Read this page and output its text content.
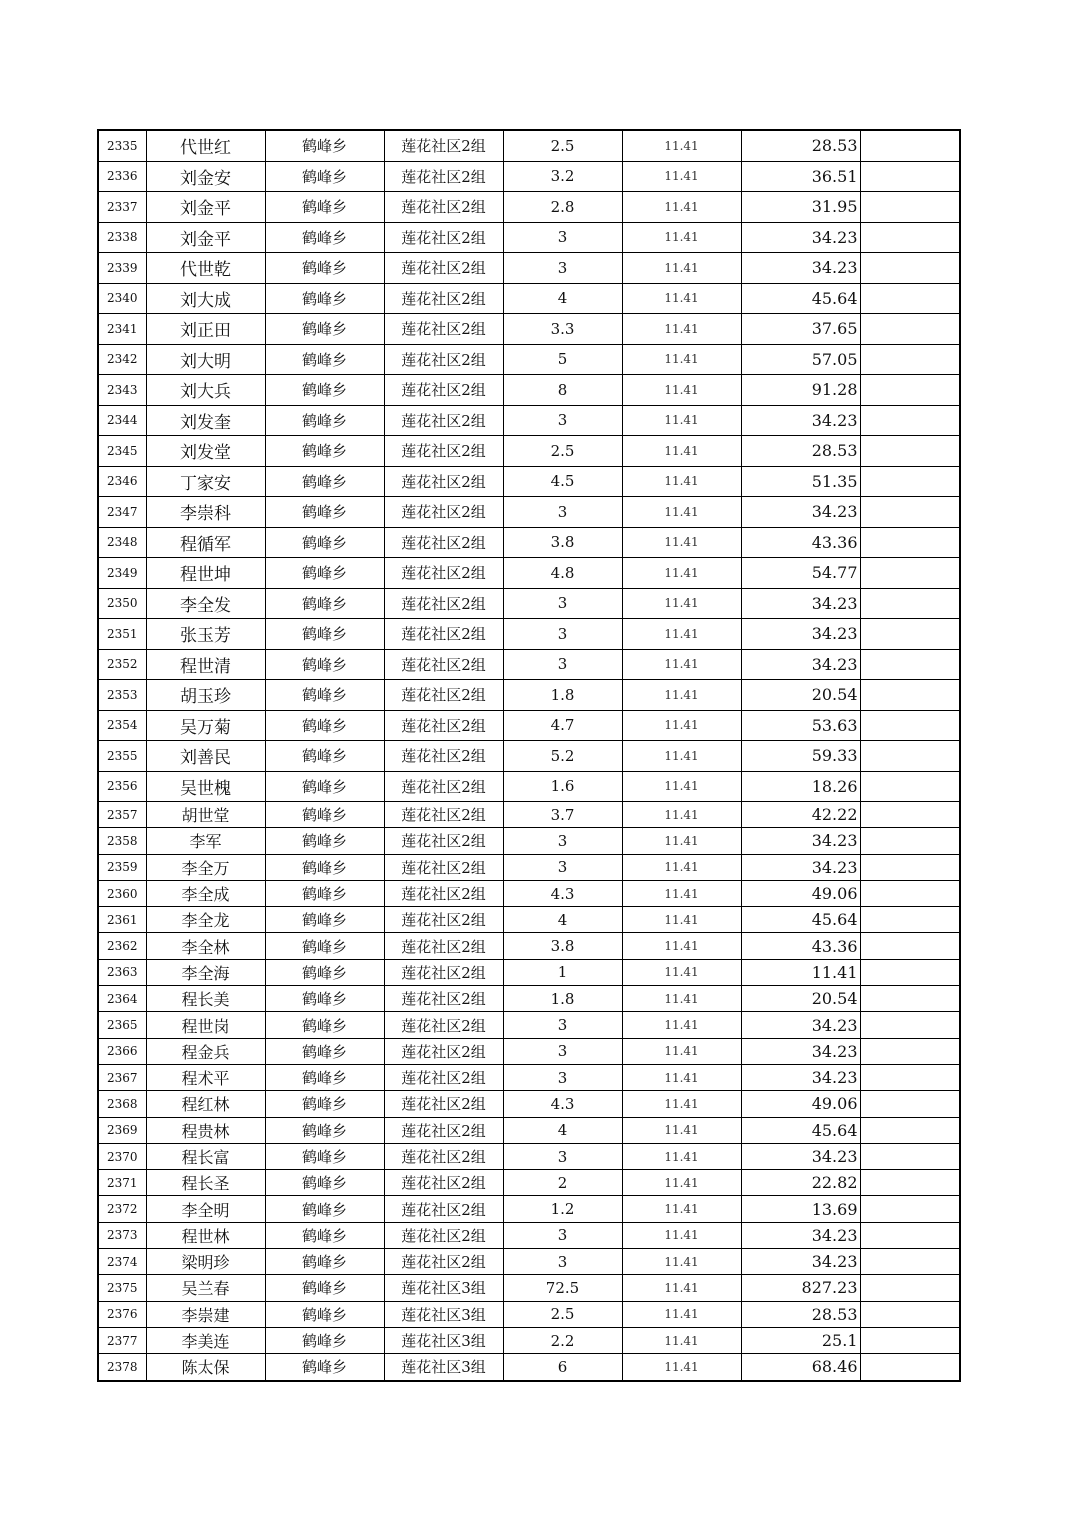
2335	代世红	鹤峰乡	莲花社区2组	2.5	11.41	28.53	
2336	刘金安	鹤峰乡	莲花社区2组	3.2	11.41	36.51	
2337	刘金平	鹤峰乡	莲花社区2组	2.8	11.41	31.95	
2338	刘金平	鹤峰乡	莲花社区2组	3	11.41	34.23	
2339	代世乾	鹤峰乡	莲花社区2组	3	11.41	34.23	
2340	刘大成	鹤峰乡	莲花社区2组	4	11.41	45.64	
2341	刘正田	鹤峰乡	莲花社区2组	3.3	11.41	37.65	
2342	刘大明	鹤峰乡	莲花社区2组	5	11.41	57.05	
2343	刘大兵	鹤峰乡	莲花社区2组	8	11.41	91.28	
2344	刘发奎	鹤峰乡	莲花社区2组	3	11.41	34.23	
2345	刘发堂	鹤峰乡	莲花社区2组	2.5	11.41	28.53	
2346	丁家安	鹤峰乡	莲花社区2组	4.5	11.41	51.35	
2347	李崇科	鹤峰乡	莲花社区2组	3	11.41	34.23	
2348	程循军	鹤峰乡	莲花社区2组	3.8	11.41	43.36	
2349	程世坤	鹤峰乡	莲花社区2组	4.8	11.41	54.77	
2350	李全发	鹤峰乡	莲花社区2组	3	11.41	34.23	
2351	张玉芳	鹤峰乡	莲花社区2组	3	11.41	34.23	
2352	程世清	鹤峰乡	莲花社区2组	3	11.41	34.23	
2353	胡玉珍	鹤峰乡	莲花社区2组	1.8	11.41	20.54	
2354	吴万菊	鹤峰乡	莲花社区2组	4.7	11.41	53.63	
2355	刘善民	鹤峰乡	莲花社区2组	5.2	11.41	59.33	
2356	吴世槐	鹤峰乡	莲花社区2组	1.6	11.41	18.26	
2357	胡世堂	鹤峰乡	莲花社区2组	3.7	11.41	42.22	
2358	李军	鹤峰乡	莲花社区2组	3	11.41	34.23	
2359	李全万	鹤峰乡	莲花社区2组	3	11.41	34.23	
2360	李全成	鹤峰乡	莲花社区2组	4.3	11.41	49.06	
2361	李全龙	鹤峰乡	莲花社区2组	4	11.41	45.64	
2362	李全林	鹤峰乡	莲花社区2组	3.8	11.41	43.36	
2363	李全海	鹤峰乡	莲花社区2组	1	11.41	11.41	
2364	程长美	鹤峰乡	莲花社区2组	1.8	11.41	20.54	
2365	程世岗	鹤峰乡	莲花社区2组	3	11.41	34.23	
2366	程金兵	鹤峰乡	莲花社区2组	3	11.41	34.23	
2367	程术平	鹤峰乡	莲花社区2组	3	11.41	34.23	
2368	程红林	鹤峰乡	莲花社区2组	4.3	11.41	49.06	
2369	程贵林	鹤峰乡	莲花社区2组	4	11.41	45.64	
2370	程长富	鹤峰乡	莲花社区2组	3	11.41	34.23	
2371	程长圣	鹤峰乡	莲花社区2组	2	11.41	22.82	
2372	李全明	鹤峰乡	莲花社区2组	1.2	11.41	13.69	
2373	程世林	鹤峰乡	莲花社区2组	3	11.41	34.23	
2374	梁明珍	鹤峰乡	莲花社区2组	3	11.41	34.23	
2375	吴兰春	鹤峰乡	莲花社区3组	72.5	11.41	827.23	
2376	李崇建	鹤峰乡	莲花社区3组	2.5	11.41	28.53	
2377	李美连	鹤峰乡	莲花社区3组	2.2	11.41	25.1	
2378	陈太保	鹤峰乡	莲花社区3组	6	11.41	68.46	
